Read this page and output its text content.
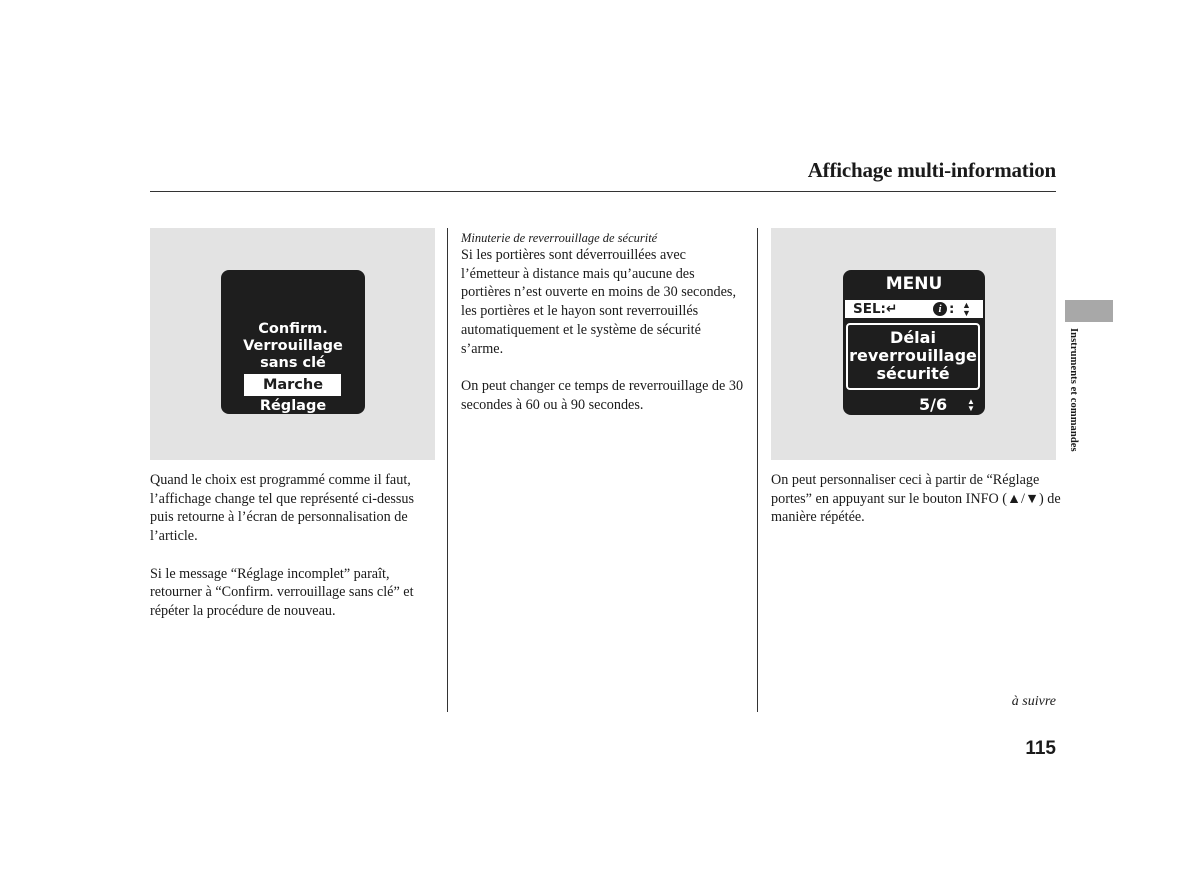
Affichage multi-information
Confirm.
Verrouillage
sans clé
Marche
Réglage

Quand le choix est programmé comme il faut, l’affichage change tel que représenté ci-dessus puis retourne à l’écran de personnalisation de l’article.

Si le message “Réglage incomplet” paraît, retourner à “Confirm. verrouillage sans clé” et répéter la procédure de nouveau.

Minuterie de reverrouillage de sécurité

Si les portières sont déverrouillées avec l’émetteur à distance mais qu’aucune des portières n’est ouverte en moins de 30 secondes, les portières et le hayon sont reverrouillés automatiquement et le système de sécurité s’arme.

On peut changer ce temps de reverrouillage de 30 secondes à 60 ou à 90 secondes.

MENU
SEL:↵	i : ▲
▼
Délai
reverrouillage
sécurité
5/6 ▲
▼

On peut personnaliser ceci à partir de “Réglage portes” en appuyant sur le bouton INFO (▲/▼) de manière répétée.

Instruments et commandes
à suivre
115
